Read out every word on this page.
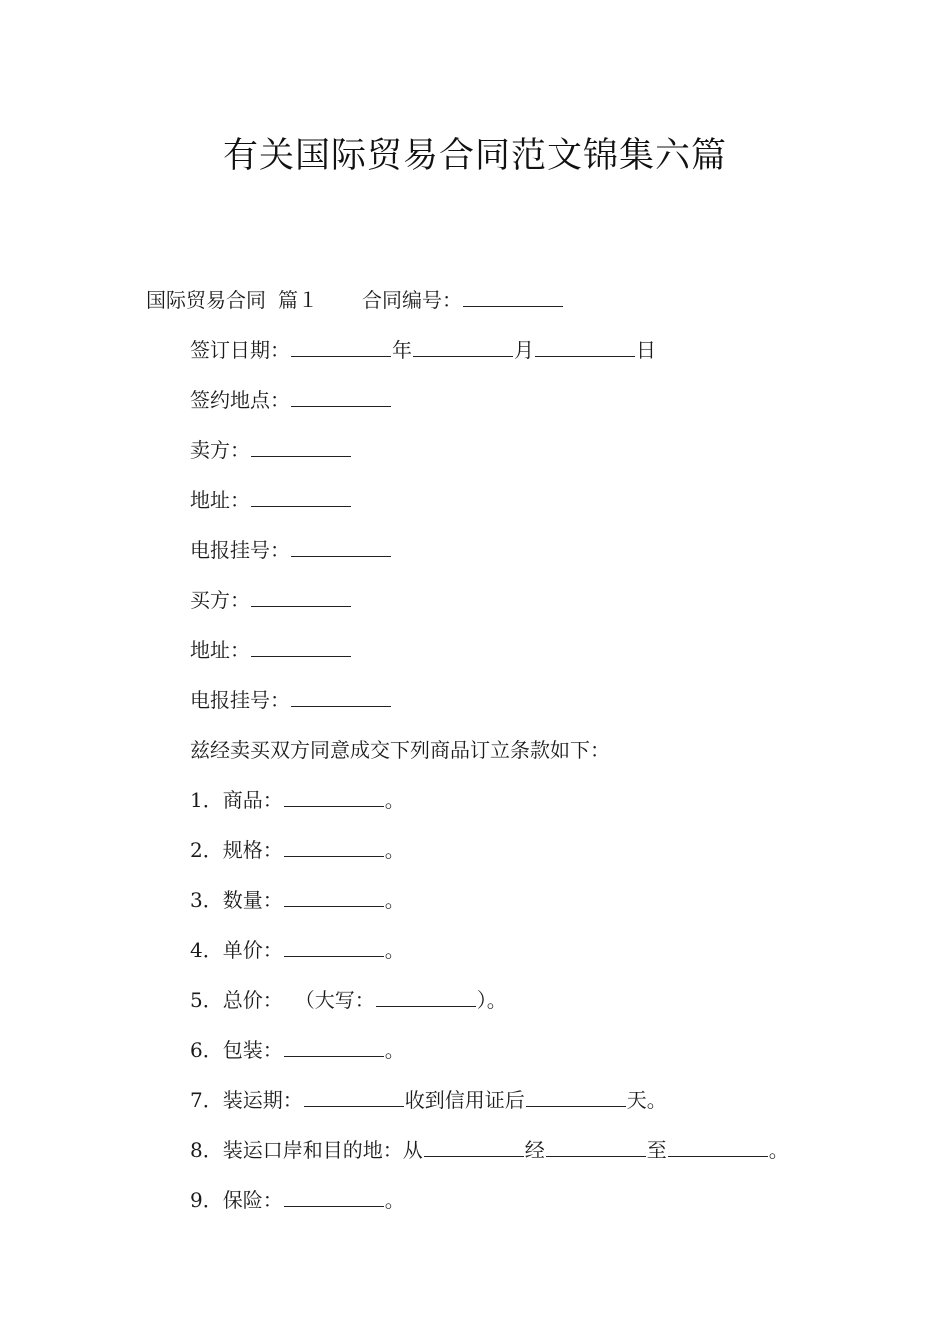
有关国际贸易合同范文锦集六篇
国际贸易合同 篇１ 合同编号：
签订日期：	年	月	日
签约地点：
卖方：
地址：
电报挂号：
买方：
地址：
电报挂号：
兹经卖买双方同意成交下列商品订立条款如下：
1．商品：	。
2．规格：	。
3．数量：	。
4．单价：	。
5．总价： （大写：	）。
6．包装：	。
7．装运期：	收到信用证后	天。
8．装运口岸和目的地：从	经	至	。
9．保险：	。
